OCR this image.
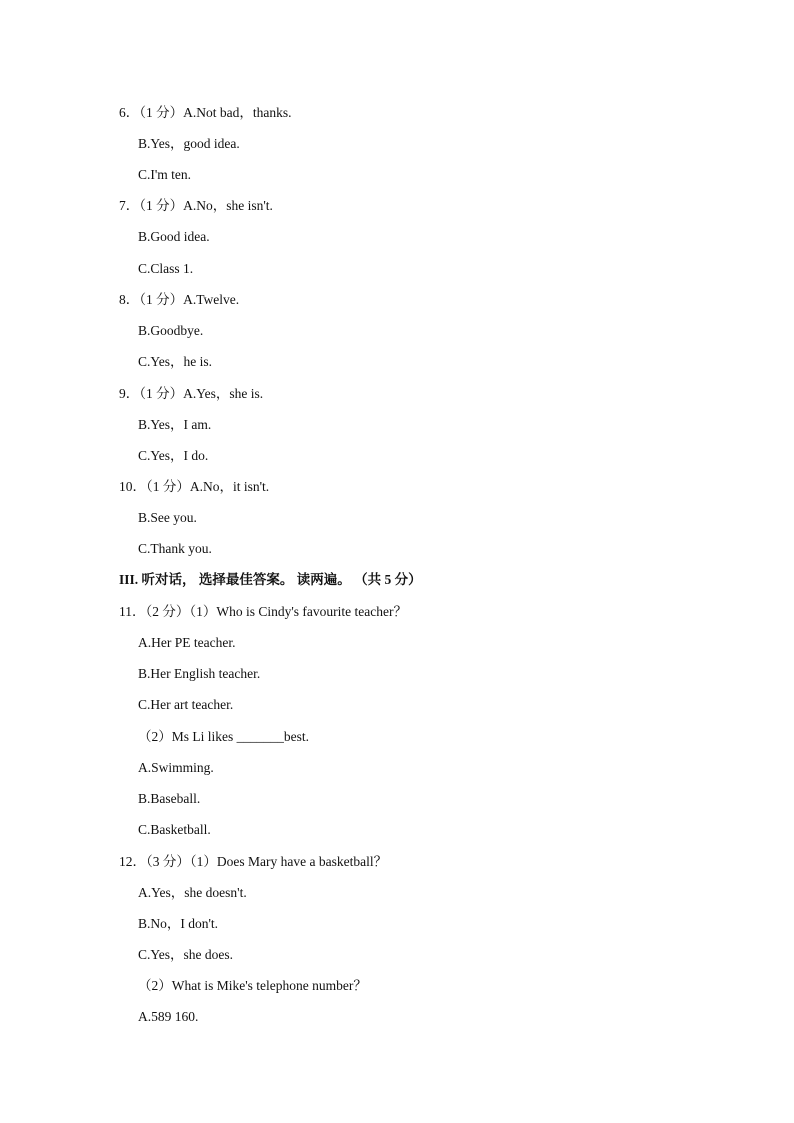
6．（1 分）A.Not bad，thanks.
B.Yes，good idea.
C.I'm ten.
7．（1 分）A.No，she isn't.
B.Good idea.
C.Class 1.
8．（1 分）A.Twelve.
B.Goodbye.
C.Yes，he is.
9．（1 分）A.Yes，she is.
B.Yes，I am.
C.Yes，I do.
10．（1 分）A.No，it isn't.
B.See you.
C.Thank you.
III. 听对话， 选择最佳答案。 读两遍。 （共 5 分）
11．（2 分）（1）Who is Cindy's favourite teacher？
A.Her PE teacher.
B.Her English teacher.
C.Her art teacher.
（2）Ms Li likes _______best.
A.Swimming.
B.Baseball.
C.Basketball.
12．（3 分）（1）Does Mary have a basketball？
A.Yes，she doesn't.
B.No，I don't.
C.Yes，she does.
（2）What is Mike's telephone number？
A.589 160.
